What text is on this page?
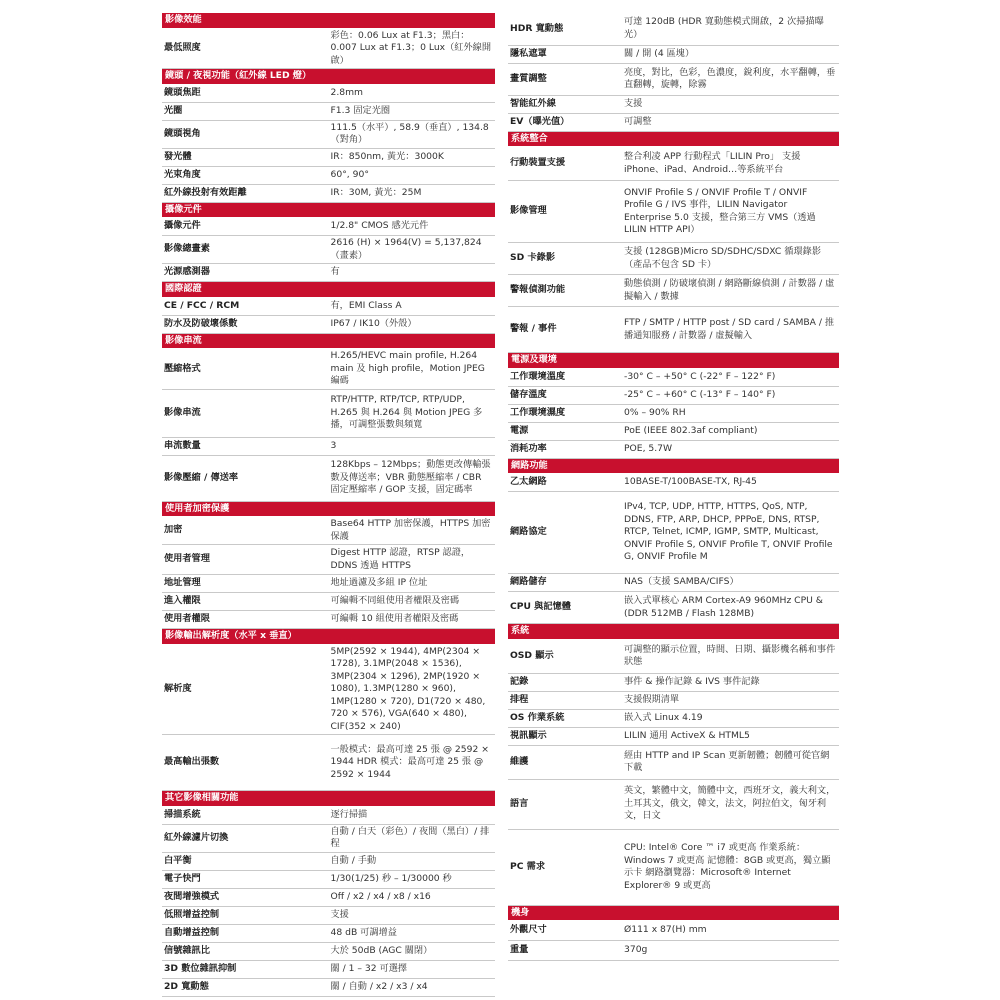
影像效能	
最低照度	彩色：0.06 Lux at F1.3；黑白：0.007 Lux at F1.3；0 Lux（紅外線開啟）
鏡頭 / 夜視功能（紅外線 LED 燈）	
鏡頭焦距	2.8mm
光圈	F1.3 固定光圈
鏡頭視角	111.5（水平）, 58.9（垂直）, 134.8（對角）
發光體	IR：850nm, 黃光：3000K
光束角度	60°, 90°
紅外線投射有效距離	IR：30M, 黃光：25M
攝像元件	
攝像元件	1/2.8" CMOS 感光元件
影像總畫素	2616 (H) × 1964(V) = 5,137,824（畫素）
光源感測器	有
國際認證	
CE / FCC / RCM	有，EMI Class A
防水及防破壞係數	IP67 / IK10（外殼）
影像串流	
壓縮格式	H.265/HEVC main profile, H.264 main 及 high profile，Motion JPEG 編碼
影像串流	RTP/HTTP, RTP/TCP, RTP/UDP, H.265 與 H.264 與 Motion JPEG 多播，可調整張數與頻寬
串流數量	3
影像壓縮 / 傳送率	128Kbps – 12Mbps；動態更改傳輸張數及傳送率；VBR 動態壓縮率 / CBR 固定壓縮率 / GOP 支援，固定碼率
使用者加密保護	
加密	Base64 HTTP 加密保護，HTTPS 加密保護
使用者管理	Digest HTTP 認證，RTSP 認證，DDNS 透過 HTTPS
地址管理	地址過濾及多組 IP 位址
進入權限	可編輯不同組使用者權限及密碼
使用者權限	可編輯 10 組使用者權限及密碼
影像輸出解析度（水平 x 垂直）	
解析度	5MP(2592 × 1944), 4MP(2304 × 1728), 3.1MP(2048 × 1536), 3MP(2304 × 1296), 2MP(1920 × 1080), 1.3MP(1280 × 960), 1MP(1280 × 720), D1(720 × 480, 720 × 576), VGA(640 × 480), CIF(352 × 240)
最高輸出張數	一般模式：最高可達 25 張 @ 2592 × 1944 HDR 模式：最高可達 25 張 @ 2592 × 1944
其它影像相關功能	
掃描系統	逐行掃描
紅外線濾片切換	自動 / 白天（彩色）/ 夜間（黑白）/ 排程
白平衡	自動 / 手動
電子快門	1/30(1/25) 秒 – 1/30000 秒
夜間增強模式	Off / x2 / x4 / x8 / x16
低照增益控制	支援
自動增益控制	48 dB 可調增益
信號雜訊比	大於 50dB (AGC 關閉）
3D 數位雜訊抑制	關 / 1 – 32 可選擇
2D 寬動態	關 / 自動 / x2 / x3 / x4
HDR 寬動態	可達 120dB (HDR 寬動態模式開啟，2 次掃描曝光）
隱私遮罩	關 / 開 (4 區塊）
畫質調整	亮度，對比，色彩，色濃度，銳利度，水平翻轉，垂直翻轉，旋轉，除霧
智能紅外線	支援
EV（曝光值）	可調整
系統整合	
行動裝置支援	整合利凌 APP 行動程式「LILIN Pro」 支援 iPhone、iPad、Android…等系統平台
影像管理	ONVIF Profile S / ONVIF Profile T / ONVIF Profile G / IVS 事件，LILIN Navigator Enterprise 5.0 支援，整合第三方 VMS（透過 LILIN HTTP API）
SD 卡錄影	支援 (128GB)Micro SD/SDHC/SDXC 循環錄影（產品不包含 SD 卡）
警報偵測功能	動態偵測 / 防破壞偵測 / 網路斷線偵測 / 計數器 / 虛擬輸入 / 數據
警報 / 事件	FTP / SMTP / HTTP post / SD card / SAMBA / 推播通知服務 / 計數器 / 虛擬輸入
電源及環境	
工作環境溫度	-30° C – +50° C (-22° F – 122° F)
儲存溫度	-25° C – +60° C (-13° F – 140° F)
工作環境濕度	0% – 90% RH
電源	PoE (IEEE 802.3af compliant)
消耗功率	POE, 5.7W
網路功能	
乙太網路	10BASE-T/100BASE-TX, RJ-45
網路協定	IPv4, TCP, UDP, HTTP, HTTPS, QoS, NTP, DDNS, FTP, ARP, DHCP, PPPoE, DNS, RTSP, RTCP, Telnet, ICMP, IGMP, SMTP, Multicast, ONVIF Profile S, ONVIF Profile T, ONVIF Profile G, ONVIF Profile M
網路儲存	NAS（支援 SAMBA/CIFS）
CPU 與記憶體	嵌入式單核心 ARM Cortex-A9 960MHz CPU & (DDR 512MB / Flash 128MB)
系統	
OSD 顯示	可調整的顯示位置，時間、日期、攝影機名稱和事件狀態
記錄	事件 & 操作記錄 & IVS 事件記錄
排程	支援假期清單
OS 作業系統	嵌入式 Linux 4.19
視訊顯示	LILIN 通用 ActiveX & HTML5
維護	經由 HTTP and IP Scan 更新韌體；韌體可從官網下載
語言	英文，繁體中文，簡體中文，西班牙文，義大利文，土耳其文，俄文，韓文，法文，阿拉伯文，匈牙利文，日文
PC 需求	CPU: Intel® Core ™ i7 或更高 作業系統：Windows 7 或更高 記憶體：8GB 或更高，獨立顯示卡 網路瀏覽器：Microsoft® Internet Explorer® 9 或更高
機身	
外觀尺寸	Ø111 x 87(H) mm
重量	370g
